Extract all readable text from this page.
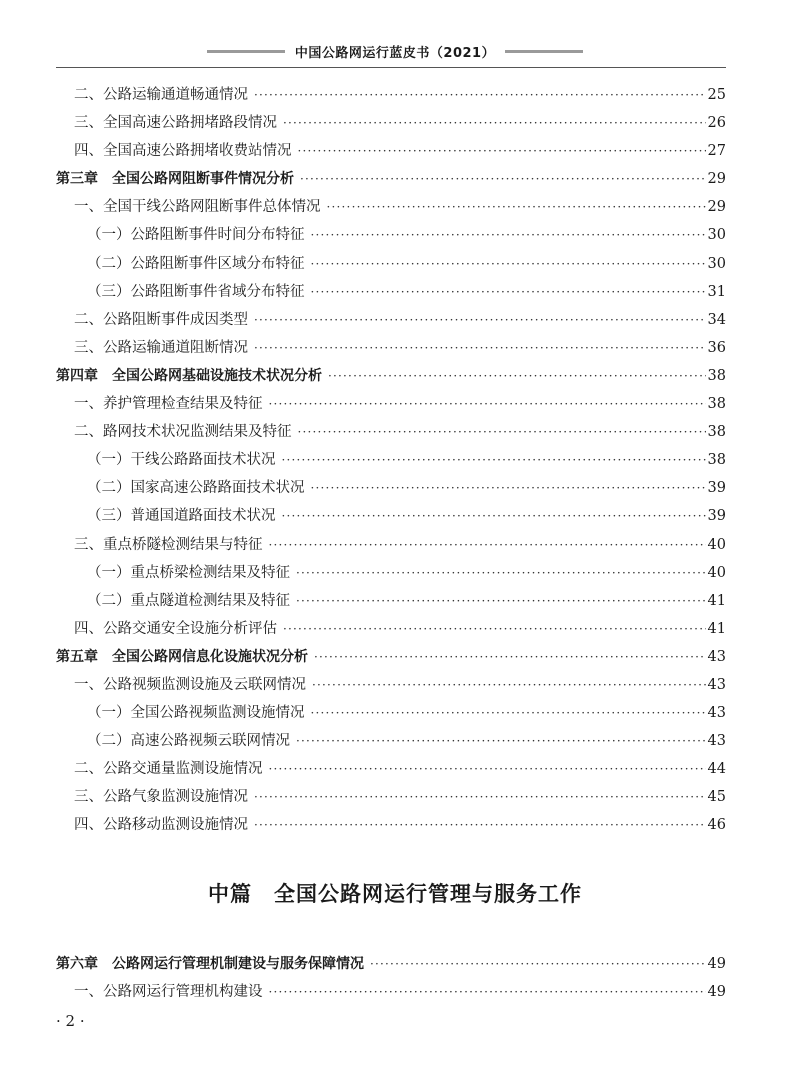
中国公路网运行蓝皮书（2021）
二、公路运输通道畅通情况 ·····	25
三、全国高速公路拥堵路段情况 ·····	26
四、全国高速公路拥堵收费站情况 ·····	27
第三章　全国公路网阻断事件情况分析 ·····	29
一、全国干线公路网阻断事件总体情况 ·····	29
（一）公路阻断事件时间分布特征 ·····	30
（二）公路阻断事件区域分布特征 ·····	30
（三）公路阻断事件省域分布特征 ·····	31
二、公路阻断事件成因类型 ·····	34
三、公路运输通道阻断情况 ·····	36
第四章　全国公路网基础设施技术状况分析 ·····	38
一、养护管理检查结果及特征 ·····	38
二、路网技术状况监测结果及特征 ·····	38
（一）干线公路路面技术状况 ·····	38
（二）国家高速公路路面技术状况 ·····	39
（三）普通国道路面技术状况 ·····	39
三、重点桥隧检测结果与特征 ·····	40
（一）重点桥梁检测结果及特征 ·····	40
（二）重点隧道检测结果及特征 ·····	41
四、公路交通安全设施分析评估 ·····	41
第五章　全国公路网信息化设施状况分析 ·····	43
一、公路视频监测设施及云联网情况 ·····	43
（一）全国公路视频监测设施情况 ·····	43
（二）高速公路视频云联网情况 ·····	43
二、公路交通量监测设施情况 ·····	44
三、公路气象监测设施情况 ·····	45
四、公路移动监测设施情况 ·····	46
中篇 全国公路网运行管理与服务工作
第六章　公路网运行管理机制建设与服务保障情况 ·····	49
一、公路网运行管理机构建设 ·····	49
· 2 ·
